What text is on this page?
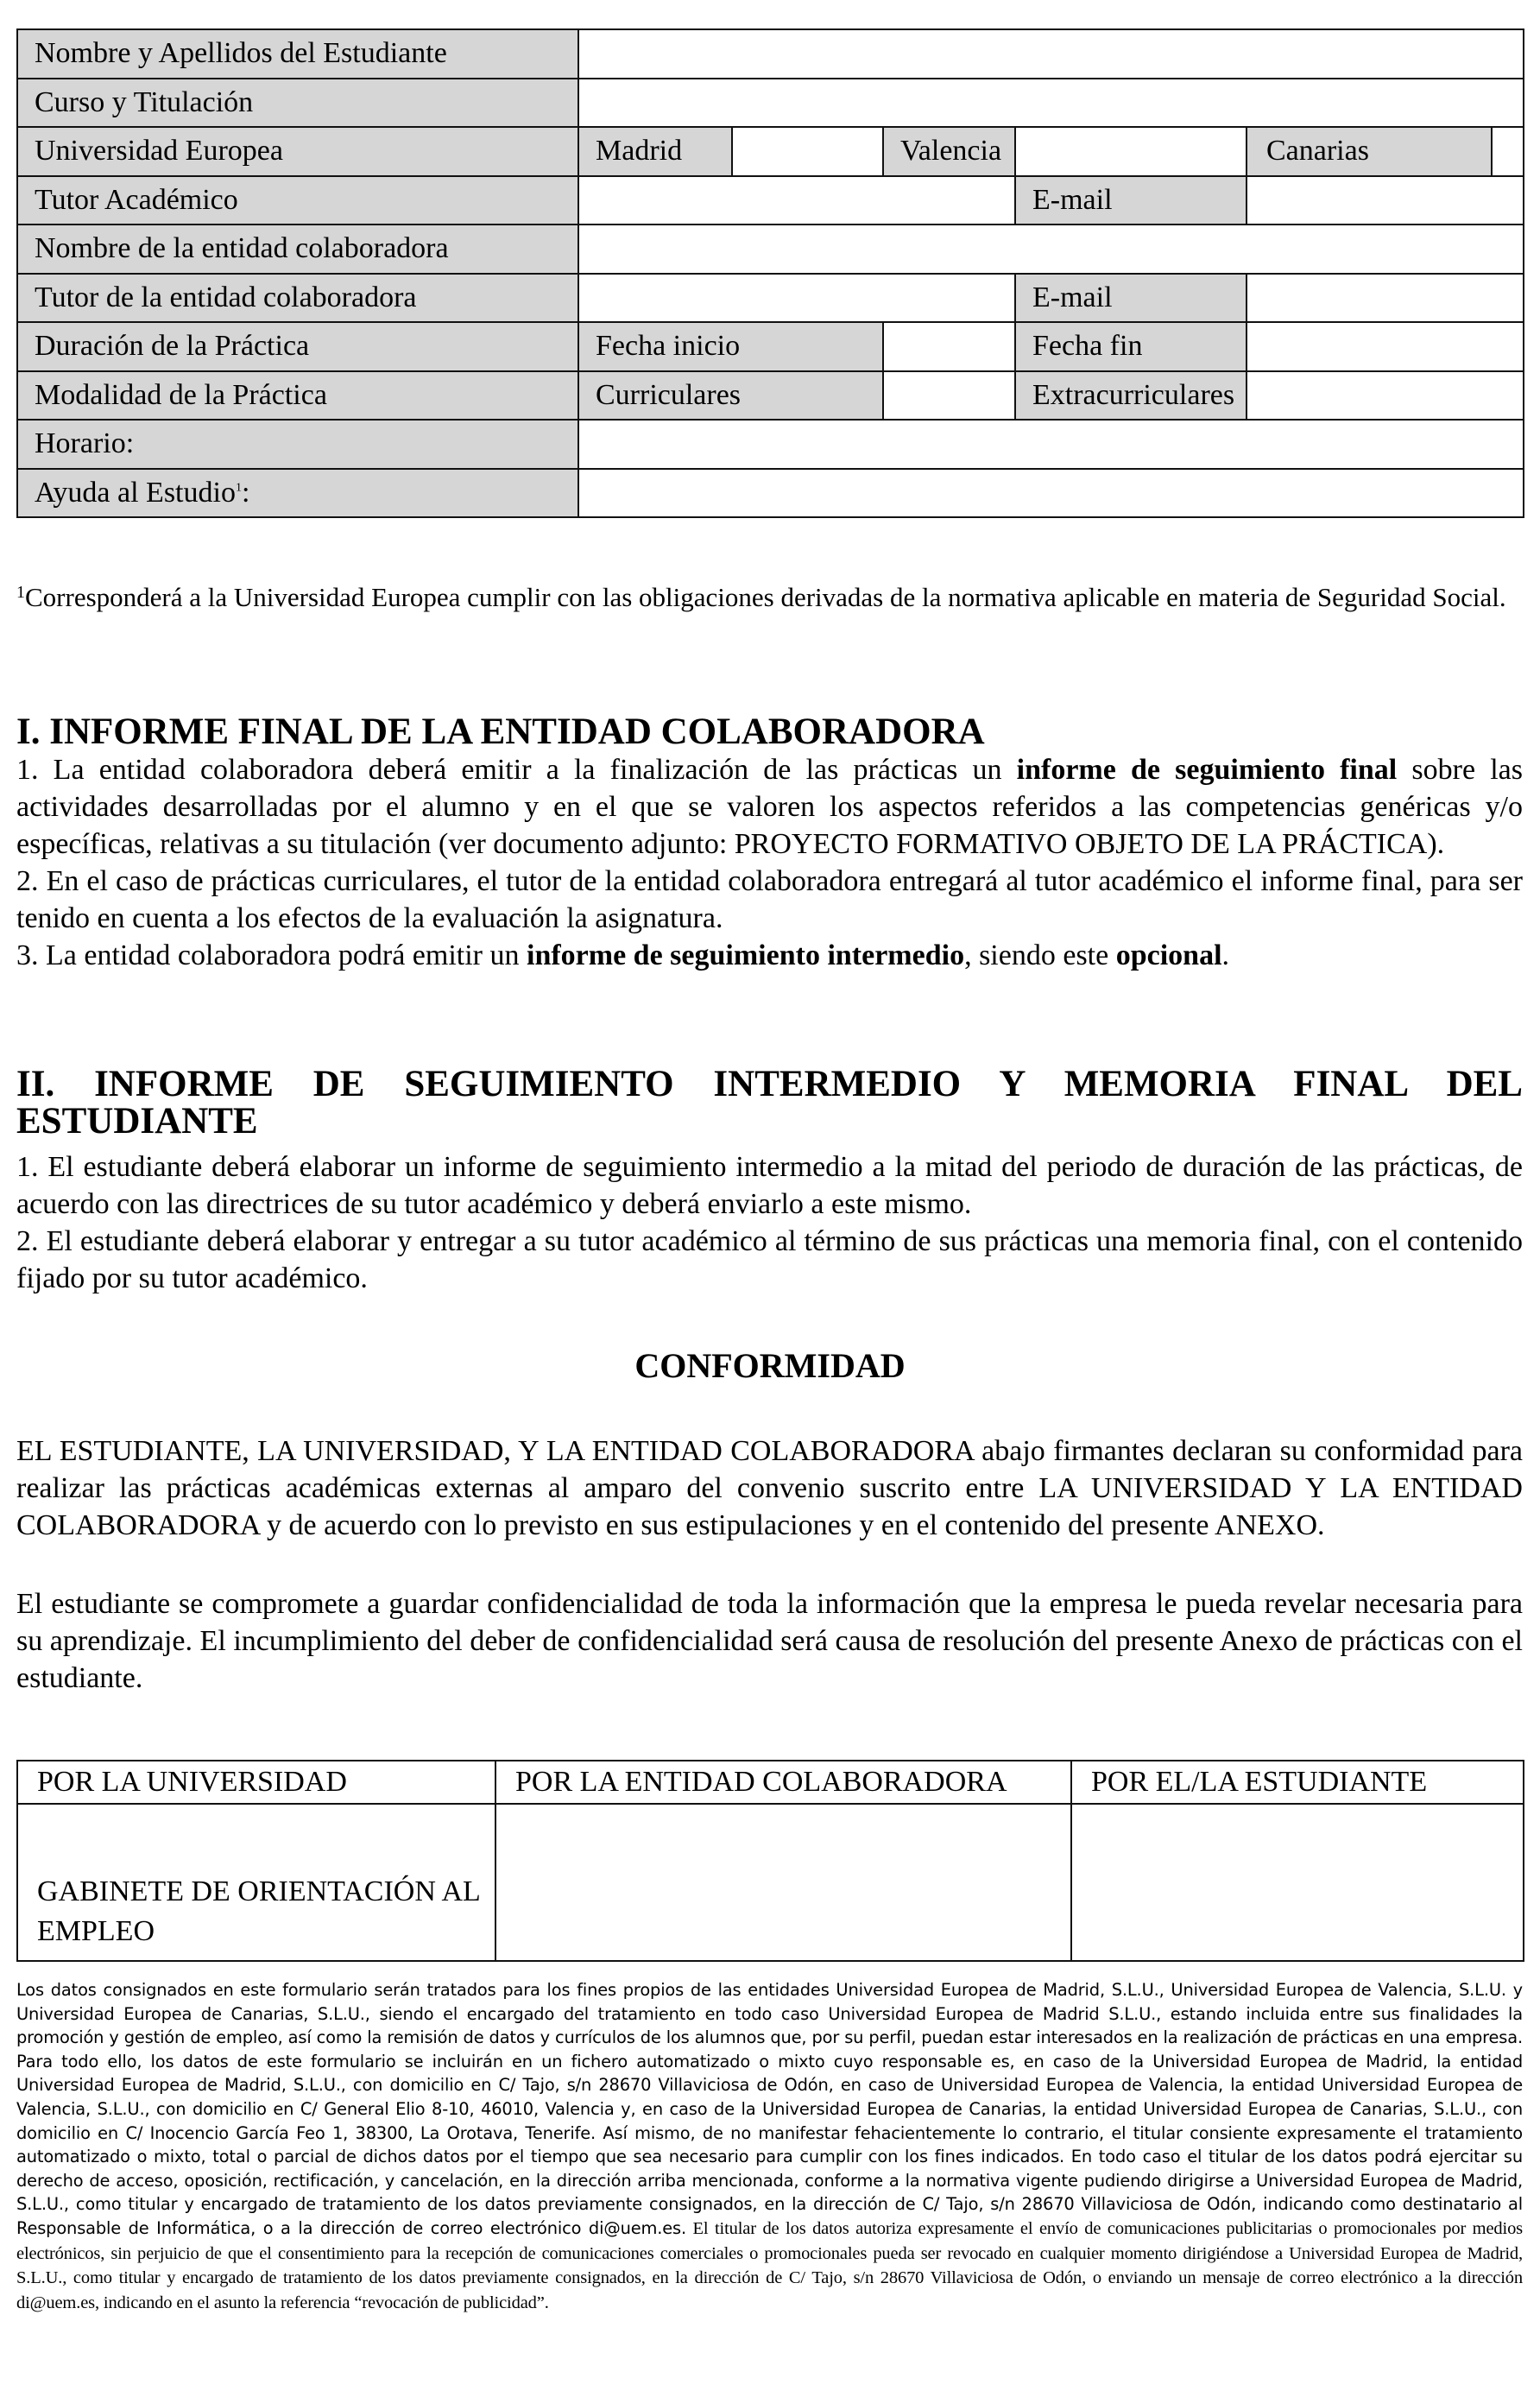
Nombre y Apellidos del Estudiante					
Curso y Titulación					
Universidad Europea	Madrid		Valencia		Canarias

Tutor Académico				E-mail	
Nombre de la entidad colaboradora					
Tutor de la entidad colaboradora				E-mail	
Duración de la Práctica	Fecha inicio			Fecha fin	
Modalidad de la Práctica	Curriculares			Extracurriculares	
Horario:					
Ayuda al Estudio$^1$:					
$^1$Corresponderá a la Universidad Europea cumplir con las obligaciones derivadas de la normativa aplicable en materia de Seguridad Social.
I. INFORME FINAL DE LA ENTIDAD COLABORADORA
1. La entidad colaboradora deberá emitir a la finalización de las prácticas un informe de seguimiento final sobre las actividades desarrolladas por el alumno y en el que se valoren los aspectos referidos a las competencias genéricas y/o específicas, relativas a su titulación (ver documento adjunto: PROYECTO FORMATIVO OBJETO DE LA PRÁCTICA).
2. En el caso de prácticas curriculares, el tutor de la entidad colaboradora entregará al tutor académico el informe final, para ser tenido en cuenta a los efectos de la evaluación la asignatura.
3. La entidad colaboradora podrá emitir un informe de seguimiento intermedio, siendo este opcional.
II. INFORME DE SEGUIMIENTO INTERMEDIO Y MEMORIA FINAL DEL ESTUDIANTE
1. El estudiante deberá elaborar un informe de seguimiento intermedio a la mitad del periodo de duración de las prácticas, de acuerdo con las directrices de su tutor académico y deberá enviarlo a este mismo.
2. El estudiante deberá elaborar y entregar a su tutor académico al término de sus prácticas una memoria final, con el contenido fijado por su tutor académico.
CONFORMIDAD
EL ESTUDIANTE, LA UNIVERSIDAD, Y LA ENTIDAD COLABORADORA abajo firmantes declaran su conformidad para realizar las prácticas académicas externas al amparo del convenio suscrito entre LA UNIVERSIDAD Y LA ENTIDAD COLABORADORA y de acuerdo con lo previsto en sus estipulaciones y en el contenido del presente ANEXO.
El estudiante se compromete a guardar confidencialidad de toda la información que la empresa le pueda revelar necesaria para su aprendizaje. El incumplimiento del deber de confidencialidad será causa de resolución del presente Anexo de prácticas con el estudiante.
POR LA UNIVERSIDAD	POR LA ENTIDAD COLABORADORA	POR EL/LA ESTUDIANTE
GABINETE DE ORIENTACIÓN AL EMPLEO		
Los datos consignados en este formulario serán tratados para los fines propios de las entidades Universidad Europea de Madrid, S.L.U., Universidad Europea de Valencia, S.L.U. y Universidad Europea de Canarias, S.L.U., siendo el encargado del tratamiento en todo caso Universidad Europea de Madrid S.L.U., estando incluida entre sus finalidades la promoción y gestión de empleo, así como la remisión de datos y currículos de los alumnos que, por su perfil, puedan estar interesados en la realización de prácticas en una empresa. Para todo ello, los datos de este formulario se incluirán en un fichero automatizado o mixto cuyo responsable es, en caso de la Universidad Europea de Madrid, la entidad Universidad Europea de Madrid, S.L.U., con domicilio en C/ Tajo, s/n 28670 Villaviciosa de Odón, en caso de Universidad Europea de Valencia, la entidad Universidad Europea de Valencia, S.L.U., con domicilio en C/ General Elio 8-10, 46010, Valencia y, en caso de la Universidad Europea de Canarias, la entidad Universidad Europea de Canarias, S.L.U., con domicilio en C/ Inocencio García Feo 1, 38300, La Orotava, Tenerife. Así mismo, de no manifestar fehacientemente lo contrario, el titular consiente expresamente el tratamiento automatizado o mixto, total o parcial de dichos datos por el tiempo que sea necesario para cumplir con los fines indicados. En todo caso el titular de los datos podrá ejercitar su derecho de acceso, oposición, rectificación, y cancelación, en la dirección arriba mencionada, conforme a la normativa vigente pudiendo dirigirse a Universidad Europea de Madrid, S.L.U., como titular y encargado de tratamiento de los datos previamente consignados, en la dirección de C/ Tajo, s/n 28670 Villaviciosa de Odón, indicando como destinatario al Responsable de Informática, o a la dirección de correo electrónico di@uem.es. El titular de los datos autoriza expresamente el envío de comunicaciones publicitarias o promocionales por medios electrónicos, sin perjuicio de que el consentimiento para la recepción de comunicaciones comerciales o promocionales pueda ser revocado en cualquier momento dirigiéndose a Universidad Europea de Madrid, S.L.U., como titular y encargado de tratamiento de los datos previamente consignados, en la dirección de C/ Tajo, s/n 28670 Villaviciosa de Odón, o enviando un mensaje de correo electrónico a la dirección di@uem.es, indicando en el asunto la referencia “revocación de publicidad”.
